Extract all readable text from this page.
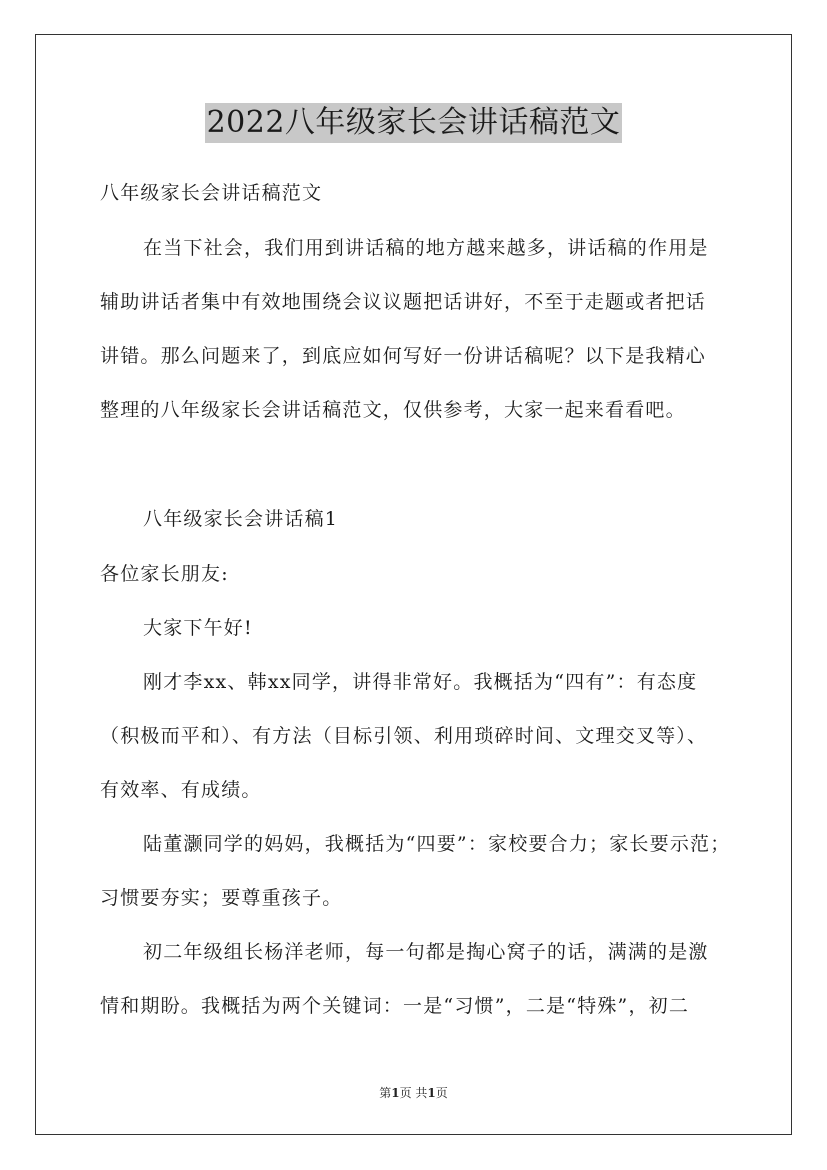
2022八年级家长会讲话稿范文
八年级家长会讲话稿范文
在当下社会，我们用到讲话稿的地方越来越多，讲话稿的作用是
辅助讲话者集中有效地围绕会议议题把话讲好，不至于走题或者把话
讲错。那么问题来了，到底应如何写好一份讲话稿呢？以下是我精心
整理的八年级家长会讲话稿范文，仅供参考，大家一起来看看吧。
八年级家长会讲话稿1
各位家长朋友:
大家下午好!
刚才李xx、韩xx同学，讲得非常好。我概括为“四有”：有态度
（积极而平和）、有方法（目标引领、利用琐碎时间、文理交叉等）、
有效率、有成绩。
陆董灏同学的妈妈，我概括为“四要”：家校要合力；家长要示范；
习惯要夯实；要尊重孩子。
初二年级组长杨洋老师，每一句都是掏心窝子的话，满满的是激
情和期盼。我概括为两个关键词：一是“习惯”，二是“特殊”，初二
第1页 共1页
